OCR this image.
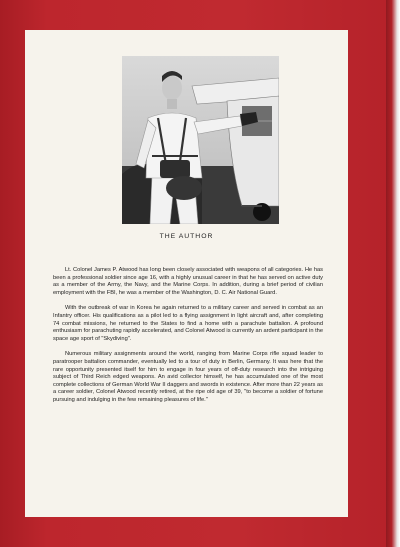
THE AUTHOR

Lt. Colonel James P. Atwood has long been closely associated with weapons of all categories. He has been a professional soldier since age 16, with a highly unusual career in that he has served on active duty as a member of the Army, the Navy, and the Marine Corps. In addition, during a brief period of civilian employment with the FBI, he was a member of the Washington, D. C. Air National Guard.

With the outbreak of war in Korea he again returned to a military career and served in combat as an Infantry officer. His qualifications as a pilot led to a flying assignment in light aircraft and, after completing 74 combat missions, he returned to the States to find a home with a parachute battalion. A profound enthusiasm for parachuting rapidly accelerated, and Colonel Atwood is currently an ardent participant in the space age sport of "Skydiving".

Numerous military assignments around the world, ranging from Marine Corps rifle squad leader to paratrooper battalion commander, eventually led to a tour of duty in Berlin, Germany. It was here that the rare opportunity presented itself for him to engage in four years of off-duty research into the intriguing subject of Third Reich edged weapons. An avid collector himself, he has accumulated one of the most complete collections of German World War II daggers and swords in existence. After more than 22 years as a career soldier, Colonel Atwood recently retired, at the ripe old age of 39, "to become a soldier of fortune pursuing and indulging in the few remaining pleasures of life."
